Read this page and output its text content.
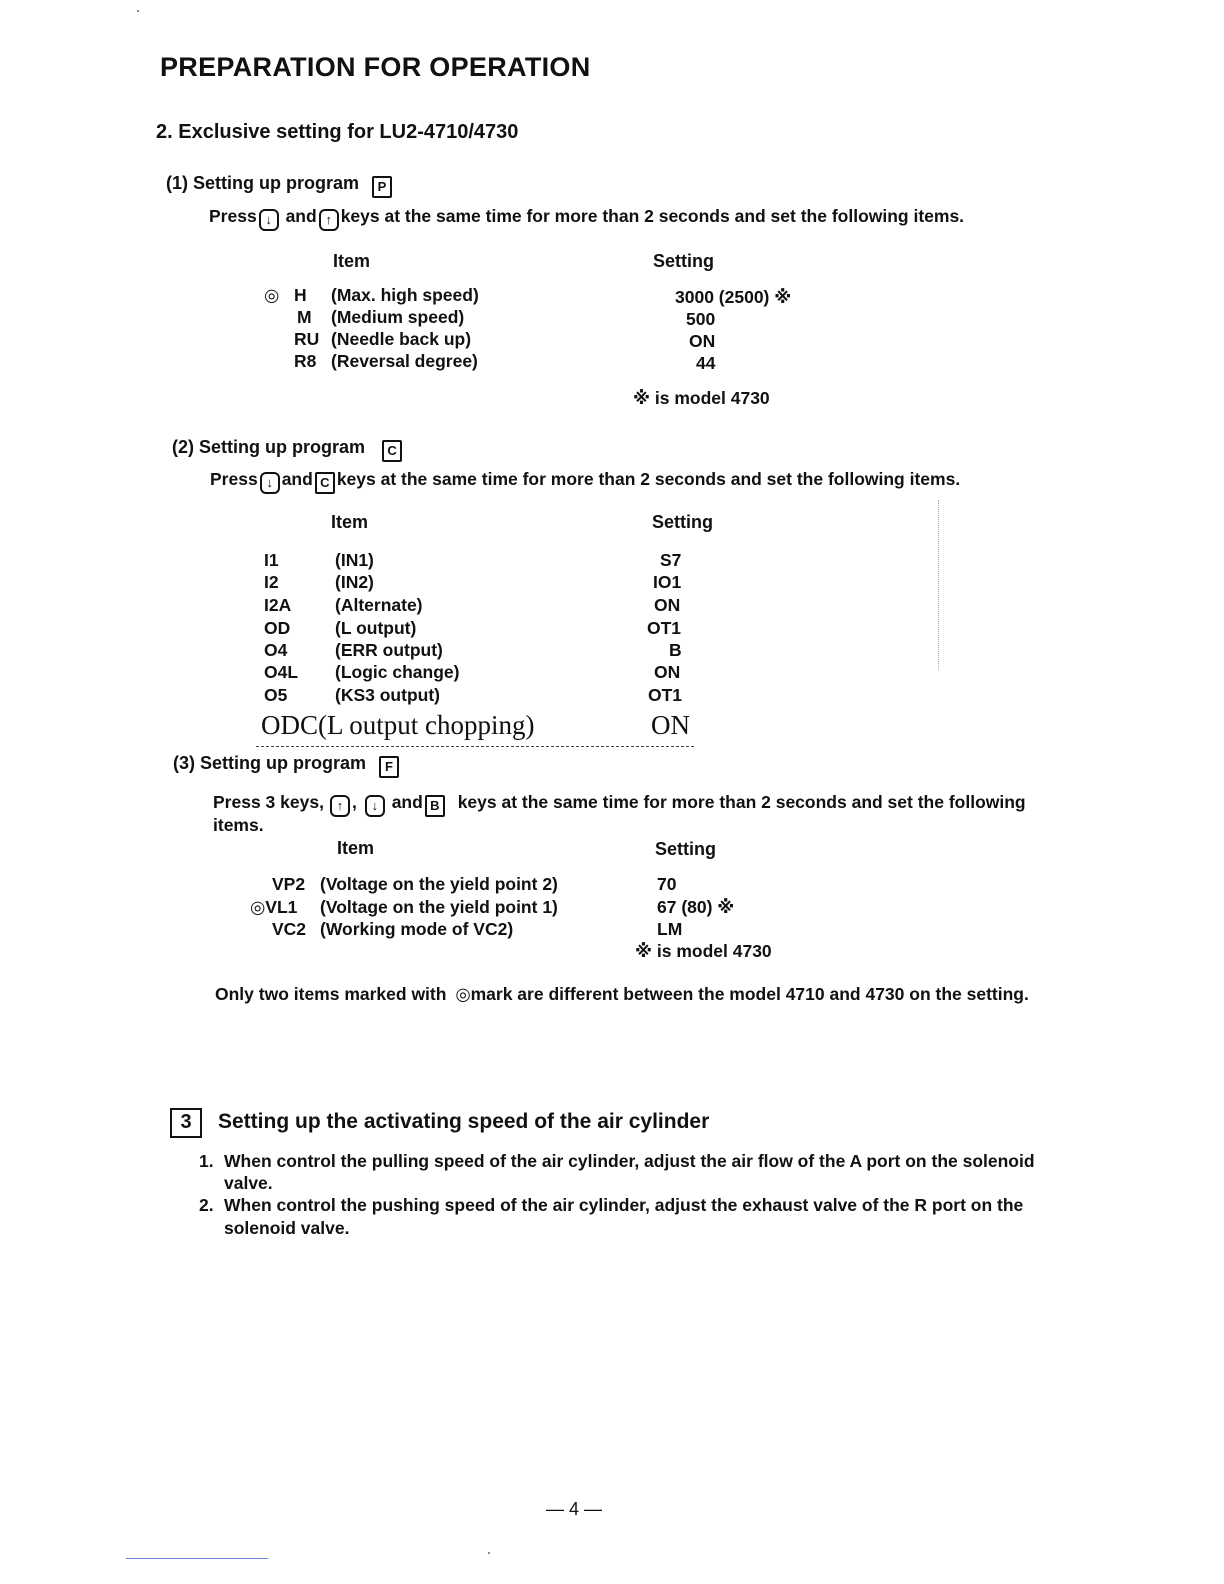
PREPARATION FOR OPERATION
2. Exclusive setting for LU2-4710/4730
(1) Setting up program P
Press ↓ and ↑ keys at the same time for more than 2 seconds and set the following items.
Item	Setting
◎ H (Max. high speed)	3000 (2500) ※
M (Medium speed)	500
RU (Needle back up)	ON
R8 (Reversal degree)	44
※ is model 4730
(2) Setting up program C
Press ↓ and C keys at the same time for more than 2 seconds and set the following items.
Item	Setting
I1	(IN1)	S7
I2	(IN2)	IO1
I2A	(Alternate)	ON
OD	(L output)	OT1
O4	(ERR output)	B
O4L (Logic change)	ON
O5	(KS3 output)	OT1
ODC(L output chopping)	ON
(3) Setting up program F
Press 3 keys, ↑ , ↓ and B keys at the same time for more than 2 seconds and set the following
items.
Item	Setting
VP2 (Voltage on the yield point 2)	70
◎VL1 (Voltage on the yield point 1)	67 (80) ※
VC2 (Working mode of VC2)	LM
※ is model 4730
Only two items marked with ◎mark are different between the model 4710 and 4730 on the setting.
3 Setting up the activating speed of the air cylinder
1. When control the pulling speed of the air cylinder, adjust the air flow of the A port on the solenoid
valve.
2. When control the pushing speed of the air cylinder, adjust the exhaust valve of the R port on the
solenoid valve.
— 4 —
